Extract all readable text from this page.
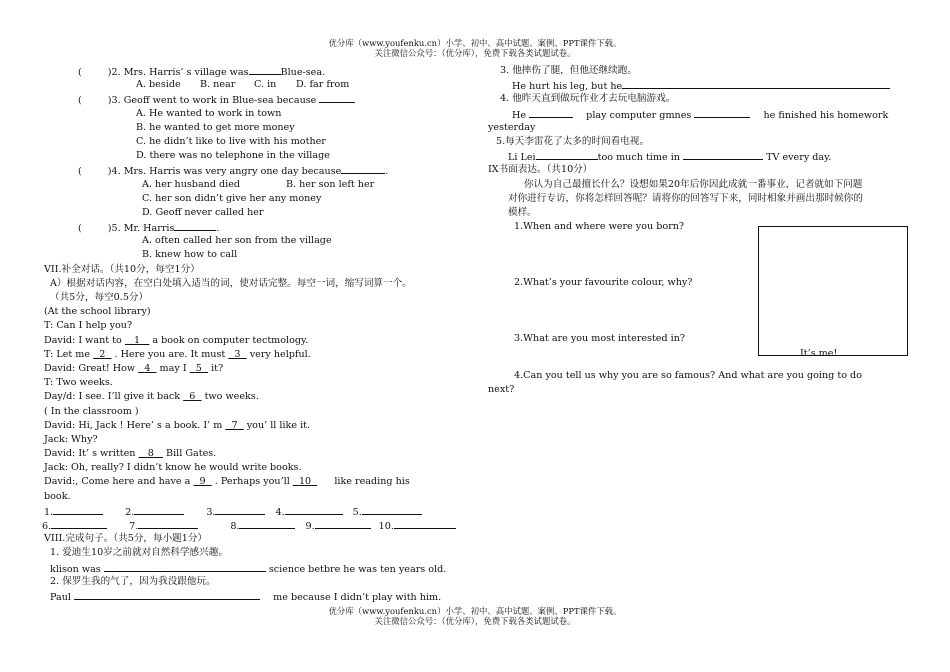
优分库（www.youfenku.cn）小学、初中、高中试题、案例、PPT课件下载。
关注微信公众号：（优分库），免费下载各类试题试卷。
(	)2. Mrs. Harris’ s village was	Blue-sea.
A. beside B. near C. in D. far from
(	)3. Geoff went to work in Blue-sea because
A. He wanted to work in town
B. he wanted to get more money
C. he didn’t like to live with his mother
D. there was no telephone in the village
(	)4. Mrs. Harris was very angry one day because	.
A. her husband died	B. her son left her
C. her son didn’t give her any money
D. Geoff never called her
(	)5. Mr. Harris	.
A. often called her son from the village
B. knew how to call
VII.补全对话。（共10分，每空1分）
A）根据对话内容，在空白处填入适当的词，使对话完整。每空一词，缩写词算一个。
（共5分，每空0.5分）
(At the school library)
T: Can I help you?
David: I want to 1 a book on computer tectmology.
T: Let me 2 . Here you are. It must 3 very helpful.
David: Great! How 4 may I 5 it?
T: Two weeks.
Day/d: I see. I’ll give it back 6 two weeks.
( In the classroom )
David: Hi, Jack ! Here’ s a book. I’ m 7 you’ ll like it.
Jack: Why?
David: It’ s written 8 Bill Gates.
Jack: Oh, really? I didn’t know he would write books.
David:, Come here and have a 9 . Perhaps you’ll 10 like reading his
book.
1.	2.	3.	4.	5.
6.	7.	8.	9.	10.
VIII.完成句子。（共5分，每小题1分）
1. 爱迪生10岁之前就对自然科学感兴趣。
klison was	science betbre he was ten years old.
2. 保罗生我的气了，因为我没跟他玩。
Paul	me because I didn’t play with him.
3. 他摔伤了腿，但他还继续跑。
He hurt his leg, but he
4. 他昨天直到做玩作业才去玩电脑游戏。
He	play computer gmnes	he finished his homework
yesterday
5.每天李雷花了太多的时间看电视。
Li Lei	too much time in	TV every day.
IX书面表达。（共10分）
你认为自己最擅长什么？设想如果20年后你因此成就一番事业，记者就如下问题
对你进行专访，你将怎样回答呢？请将你的回答写下来，同时相象并画出那时候你的
模样。
1.When and where were you born?
2.What’s your favourite colour, why?
3.What are you most interested in?
4.Can you tell us why you are so famous? And what are you going to do
next?
It’s me!
优分库（www.youfenku.cn）小学、初中、高中试题、案例、PPT课件下载。
关注微信公众号：（优分库），免费下载各类试题试卷。
